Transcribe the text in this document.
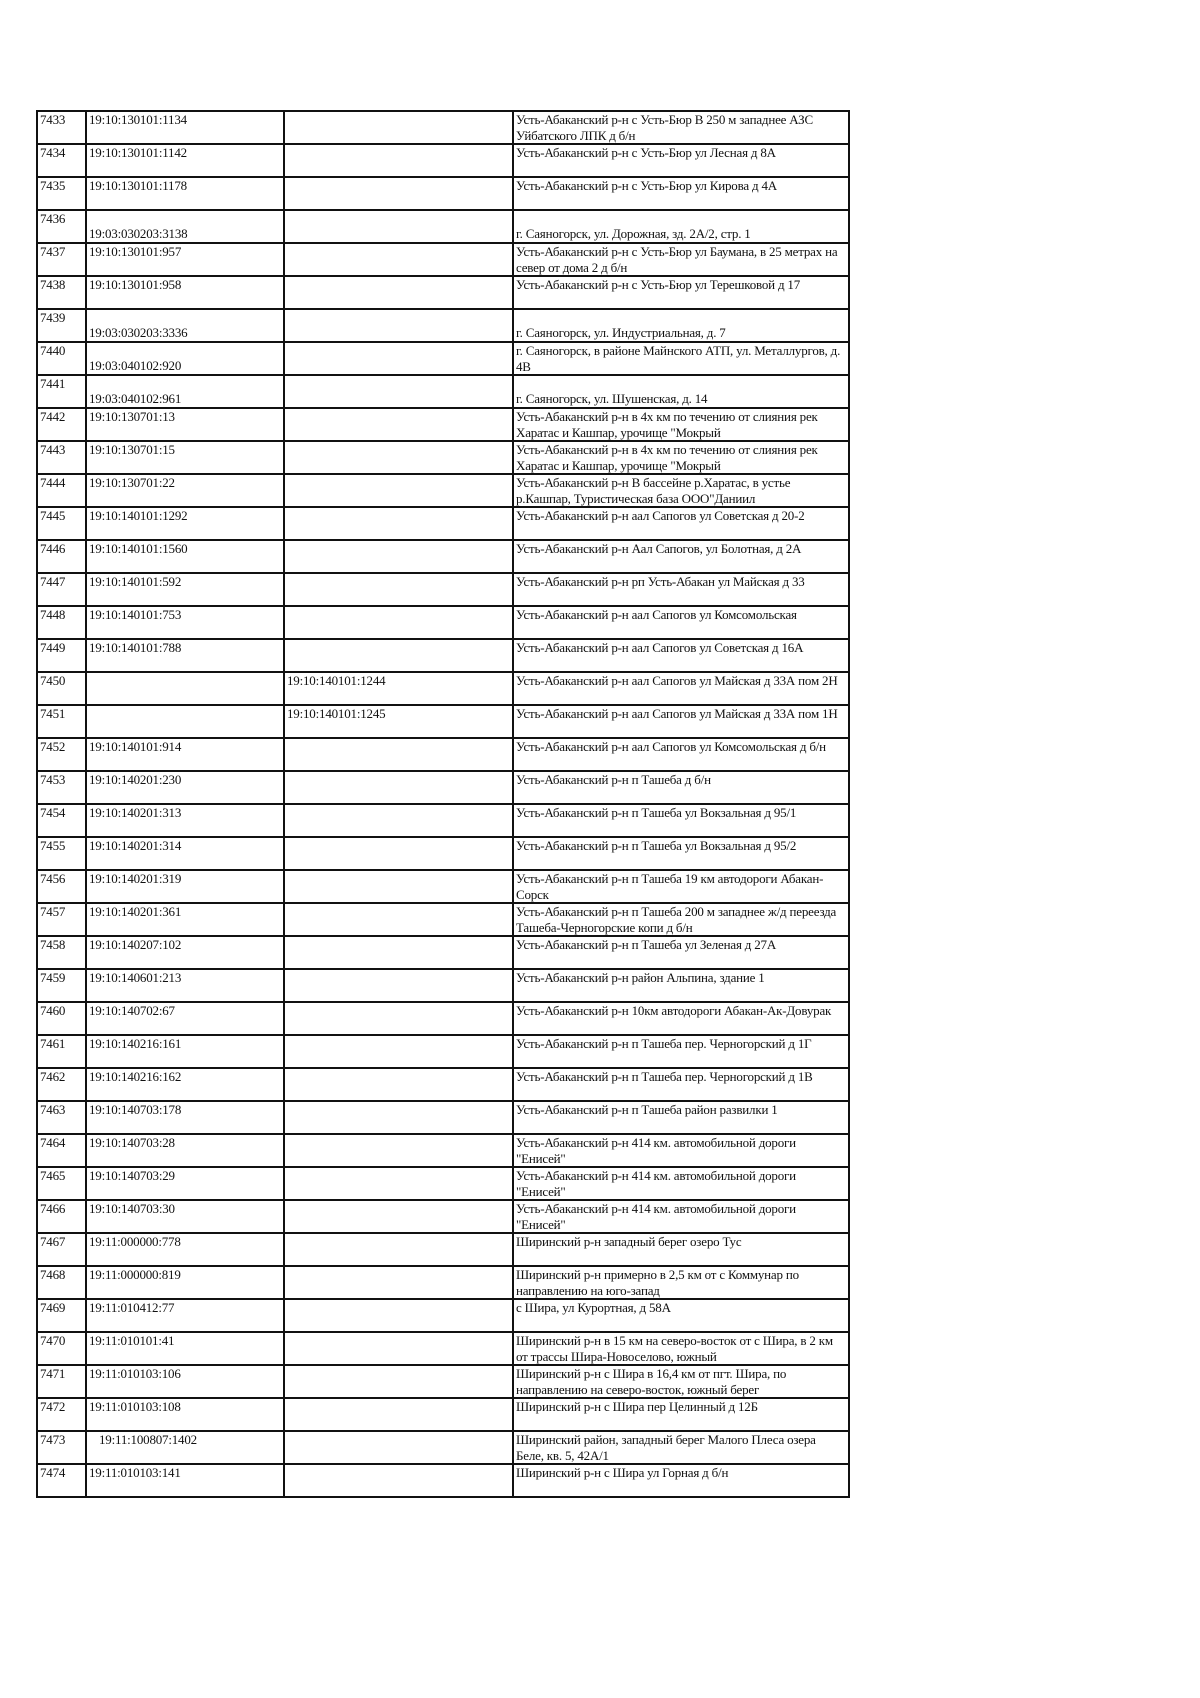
7433	19:10:130101:1134		Усть-Абаканский р-н с Усть-Бюр В 250 м западнее АЗС Уйбатского ЛПК д б/н

7434	19:10:130101:1142		Усть-Абаканский р-н с Усть-Бюр ул Лесная д 8А

7435	19:10:130101:1178		Усть-Абаканский р-н с Усть-Бюр ул Кирова д 4А

7436	19:03:030203:3138		г. Саяногорск, ул. Дорожная, зд. 2А/2, стр. 1

7437	19:10:130101:957		Усть-Абаканский р-н с Усть-Бюр ул Баумана, в 25 метрах на север от дома 2 д б/н

7438	19:10:130101:958		Усть-Абаканский р-н с Усть-Бюр ул Терешковой д 17

7439	19:03:030203:3336		г. Саяногорск, ул. Индустриальная, д. 7

7440	19:03:040102:920		г. Саяногорск, в районе Майнского АТП, ул. Металлургов, д. 4В

7441	19:03:040102:961		г. Саяногорск, ул. Шушенская, д. 14

7442	19:10:130701:13		Усть-Абаканский р-н в 4х км по течению от слияния рек Харатас и Кашпар, урочище "Мокрый

7443	19:10:130701:15		Усть-Абаканский р-н в 4х км по течению от слияния рек Харатас и Кашпар, урочище "Мокрый

7444	19:10:130701:22		Усть-Абаканский р-н В бассейне р.Харатас, в устье р.Кашпар, Туристическая база ООО"Даниил

7445	19:10:140101:1292		Усть-Абаканский р-н аал Сапогов ул Советская д 20-2

7446	19:10:140101:1560		Усть-Абаканский р-н Аал Сапогов, ул Болотная, д 2А

7447	19:10:140101:592		Усть-Абаканский р-н рп Усть-Абакан ул Майская д 33

7448	19:10:140101:753		Усть-Абаканский р-н аал Сапогов ул Комсомольская

7449	19:10:140101:788		Усть-Абаканский р-н аал Сапогов ул Советская д 16А

7450		19:10:140101:1244	Усть-Абаканский р-н аал Сапогов ул Майская д 33А пом 2Н

7451		19:10:140101:1245	Усть-Абаканский р-н аал Сапогов ул Майская д 33А пом 1Н

7452	19:10:140101:914		Усть-Абаканский р-н аал Сапогов ул Комсомольская д б/н

7453	19:10:140201:230		Усть-Абаканский р-н п Ташеба д б/н

7454	19:10:140201:313		Усть-Абаканский р-н п Ташеба ул Вокзальная д 95/1

7455	19:10:140201:314		Усть-Абаканский р-н п Ташеба ул Вокзальная д 95/2

7456	19:10:140201:319		Усть-Абаканский р-н п Ташеба 19 км автодороги Абакан-Сорск

7457	19:10:140201:361		Усть-Абаканский р-н п Ташеба 200 м западнее ж/д переезда Ташеба-Черногорские копи д б/н

7458	19:10:140207:102		Усть-Абаканский р-н п Ташеба ул Зеленая д 27А

7459	19:10:140601:213		Усть-Абаканский р-н район Альпина, здание 1

7460	19:10:140702:67		Усть-Абаканский р-н 10км автодороги Абакан-Ак-Довурак

7461	19:10:140216:161		Усть-Абаканский р-н п Ташеба пер. Черногорский д 1Г

7462	19:10:140216:162		Усть-Абаканский р-н п Ташеба пер. Черногорский д 1В

7463	19:10:140703:178		Усть-Абаканский р-н п Ташеба район развилки 1

7464	19:10:140703:28		Усть-Абаканский р-н 414 км. автомобильной дороги "Енисей"

7465	19:10:140703:29		Усть-Абаканский р-н 414 км. автомобильной дороги "Енисей"

7466	19:10:140703:30		Усть-Абаканский р-н 414 км. автомобильной дороги "Енисей"

7467	19:11:000000:778		Ширинский р-н западный берег озеро Тус

7468	19:11:000000:819		Ширинский р-н примерно в 2,5 км от с Коммунар по направлению на юго-запад

7469	19:11:010412:77		с Шира, ул Курортная, д 58А

7470	19:11:010101:41		Ширинский р-н в 15 км на северо-восток от с Шира, в 2 км от трассы Шира-Новоселово, южный

7471	19:11:010103:106		Ширинский р-н с Шира в 16,4 км от пгт. Шира, по направлению на северо-восток, южный берег

7472	19:11:010103:108		Ширинский р-н с Шира пер Целинный д 12Б

7473	19:11:100807:1402		Ширинский район, западный берег Малого Плеса озера Беле, кв. 5, 42А/1

7474	19:11:010103:141		Ширинский р-н с Шира ул Горная д б/н
